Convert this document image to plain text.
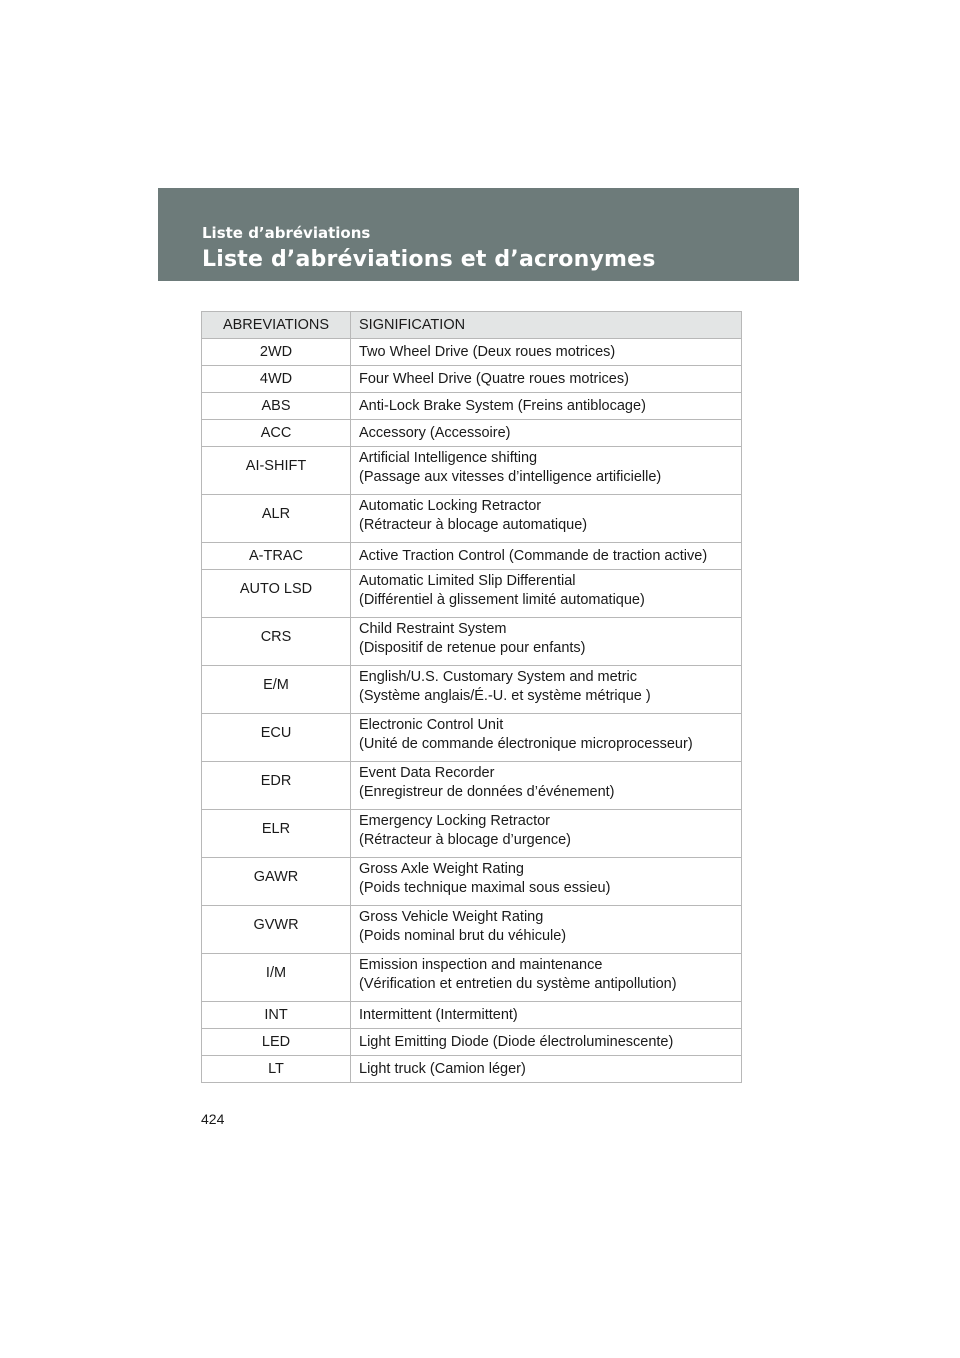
Liste d’abréviations
Liste d’abréviations et d’acronymes
ABREVIATIONS	SIGNIFICATION
2WD	Two Wheel Drive (Deux roues motrices)

4WD	Four Wheel Drive (Quatre roues motrices)

ABS	Anti-Lock Brake System (Freins antiblocage)

ACC	Accessory (Accessoire)

AI-SHIFT	Artificial Intelligence shifting
(Passage aux vitesses d’intelligence artificielle)

ALR	Automatic Locking Retractor
(Rétracteur à blocage automatique)

A-TRAC	Active Traction Control (Commande de traction active)

AUTO LSD	Automatic Limited Slip Differential
(Différentiel à glissement limité automatique)

CRS	Child Restraint System
(Dispositif de retenue pour enfants)

E/M	English/U.S. Customary System and metric
(Système anglais/É.-U. et système métrique )

ECU	Electronic Control Unit
(Unité de commande électronique microprocesseur)

EDR	Event Data Recorder
(Enregistreur de données d’événement)

ELR	Emergency Locking Retractor
(Rétracteur à blocage d’urgence)

GAWR	Gross Axle Weight Rating
(Poids technique maximal sous essieu)

GVWR	Gross Vehicle Weight Rating
(Poids nominal brut du véhicule)

I/M	Emission inspection and maintenance
(Vérification et entretien du système antipollution)

INT	Intermittent (Intermittent)

LED	Light Emitting Diode (Diode électroluminescente)

LT	Light truck (Camion léger)
424
